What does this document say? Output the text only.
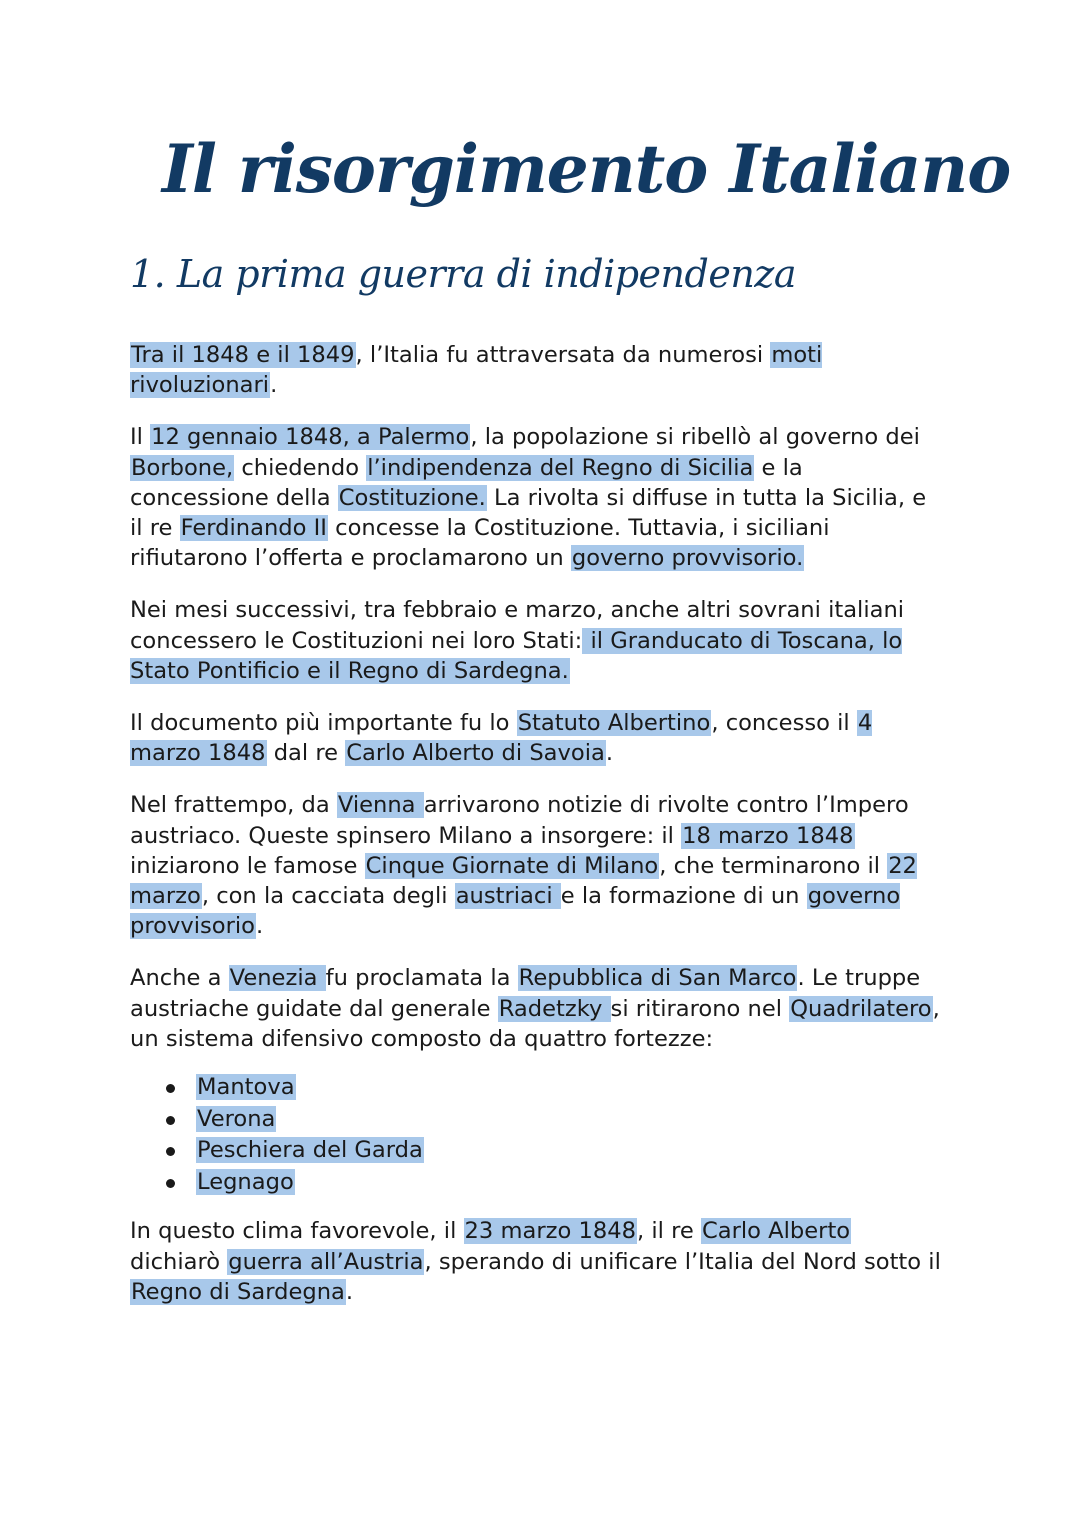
Il risorgimento Italiano
1. La prima guerra di indipendenza

Tra il 1848 e il 1849, l’Italia fu attraversata da numerosi moti rivoluzionari.

Il 12 gennaio 1848, a Palermo, la popolazione si ribellò al governo dei Borbone, chiedendo l’indipendenza del Regno di Sicilia e la concessione della Costituzione. La rivolta si diffuse in tutta la Sicilia, e il re Ferdinando II concesse la Costituzione. Tuttavia, i siciliani rifiutarono l’offerta e proclamarono un governo provvisorio.

Nei mesi successivi, tra febbraio e marzo, anche altri sovrani italiani concessero le Costituzioni nei loro Stati: il Granducato di Toscana, lo Stato Pontificio e il Regno di Sardegna.

Il documento più importante fu lo Statuto Albertino, concesso il 4 marzo 1848 dal re Carlo Alberto di Savoia.

Nel frattempo, da Vienna arrivarono notizie di rivolte contro l’Impero austriaco. Queste spinsero Milano a insorgere: il 18 marzo 1848 iniziarono le famose Cinque Giornate di Milano, che terminarono il 22 marzo, con la cacciata degli austriaci e la formazione di un governo provvisorio.

Anche a Venezia fu proclamata la Repubblica di San Marco. Le truppe austriache guidate dal generale Radetzky si ritirarono nel Quadrilatero, un sistema difensivo composto da quattro fortezze:

Mantova
Verona
Peschiera del Garda
Legnago

In questo clima favorevole, il 23 marzo 1848, il re Carlo Alberto dichiarò guerra all’Austria, sperando di unificare l’Italia del Nord sotto il Regno di Sardegna.
